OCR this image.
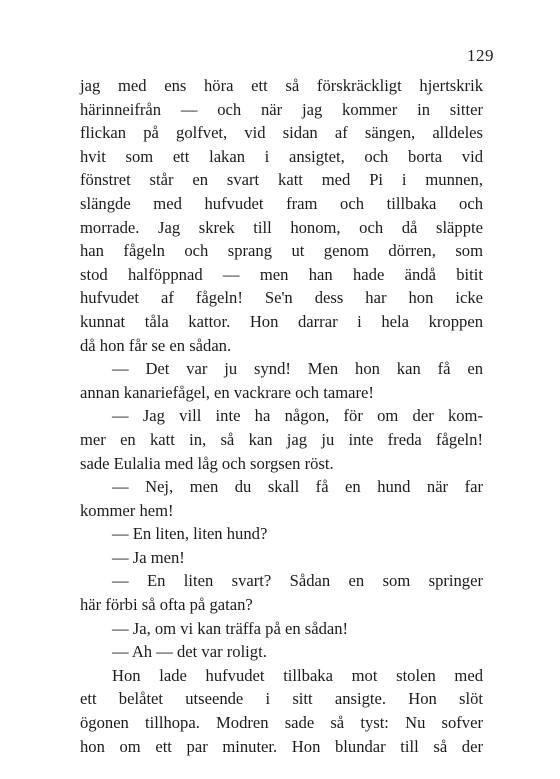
129
jag med ens höra ett så förskräckligt hjertskrik
härinneifrån — och när jag kommer in sitter
flickan på golfvet, vid sidan af sängen, alldeles
hvit som ett lakan i ansigtet, och borta vid
fönstret står en svart katt med Pi i munnen,
slängde med hufvudet fram och tillbaka och
morrade. Jag skrek till honom, och då släppte
han fågeln och sprang ut genom dörren, som
stod halföppnad — men han hade ändå bitit
hufvudet af fågeln! Se'n dess har hon icke
kunnat tåla kattor. Hon darrar i hela kroppen
då hon får se en sådan.
— Det var ju synd! Men hon kan få en
annan kanariefågel, en vackrare och tamare!
— Jag vill inte ha någon, för om der kom-
mer en katt in, så kan jag ju inte freda fågeln!
sade Eulalia med låg och sorgsen röst.
— Nej, men du skall få en hund när far
kommer hem!
— En liten, liten hund?
— Ja men!
— En liten svart? Sådan en som springer
här förbi så ofta på gatan?
— Ja, om vi kan träffa på en sådan!
— Ah — det var roligt.
Hon lade hufvudet tillbaka mot stolen med
ett belåtet utseende i sitt ansigte. Hon slöt
ögonen tillhopa. Modren sade så tyst: Nu sofver
hon om ett par minuter. Hon blundar till så der
